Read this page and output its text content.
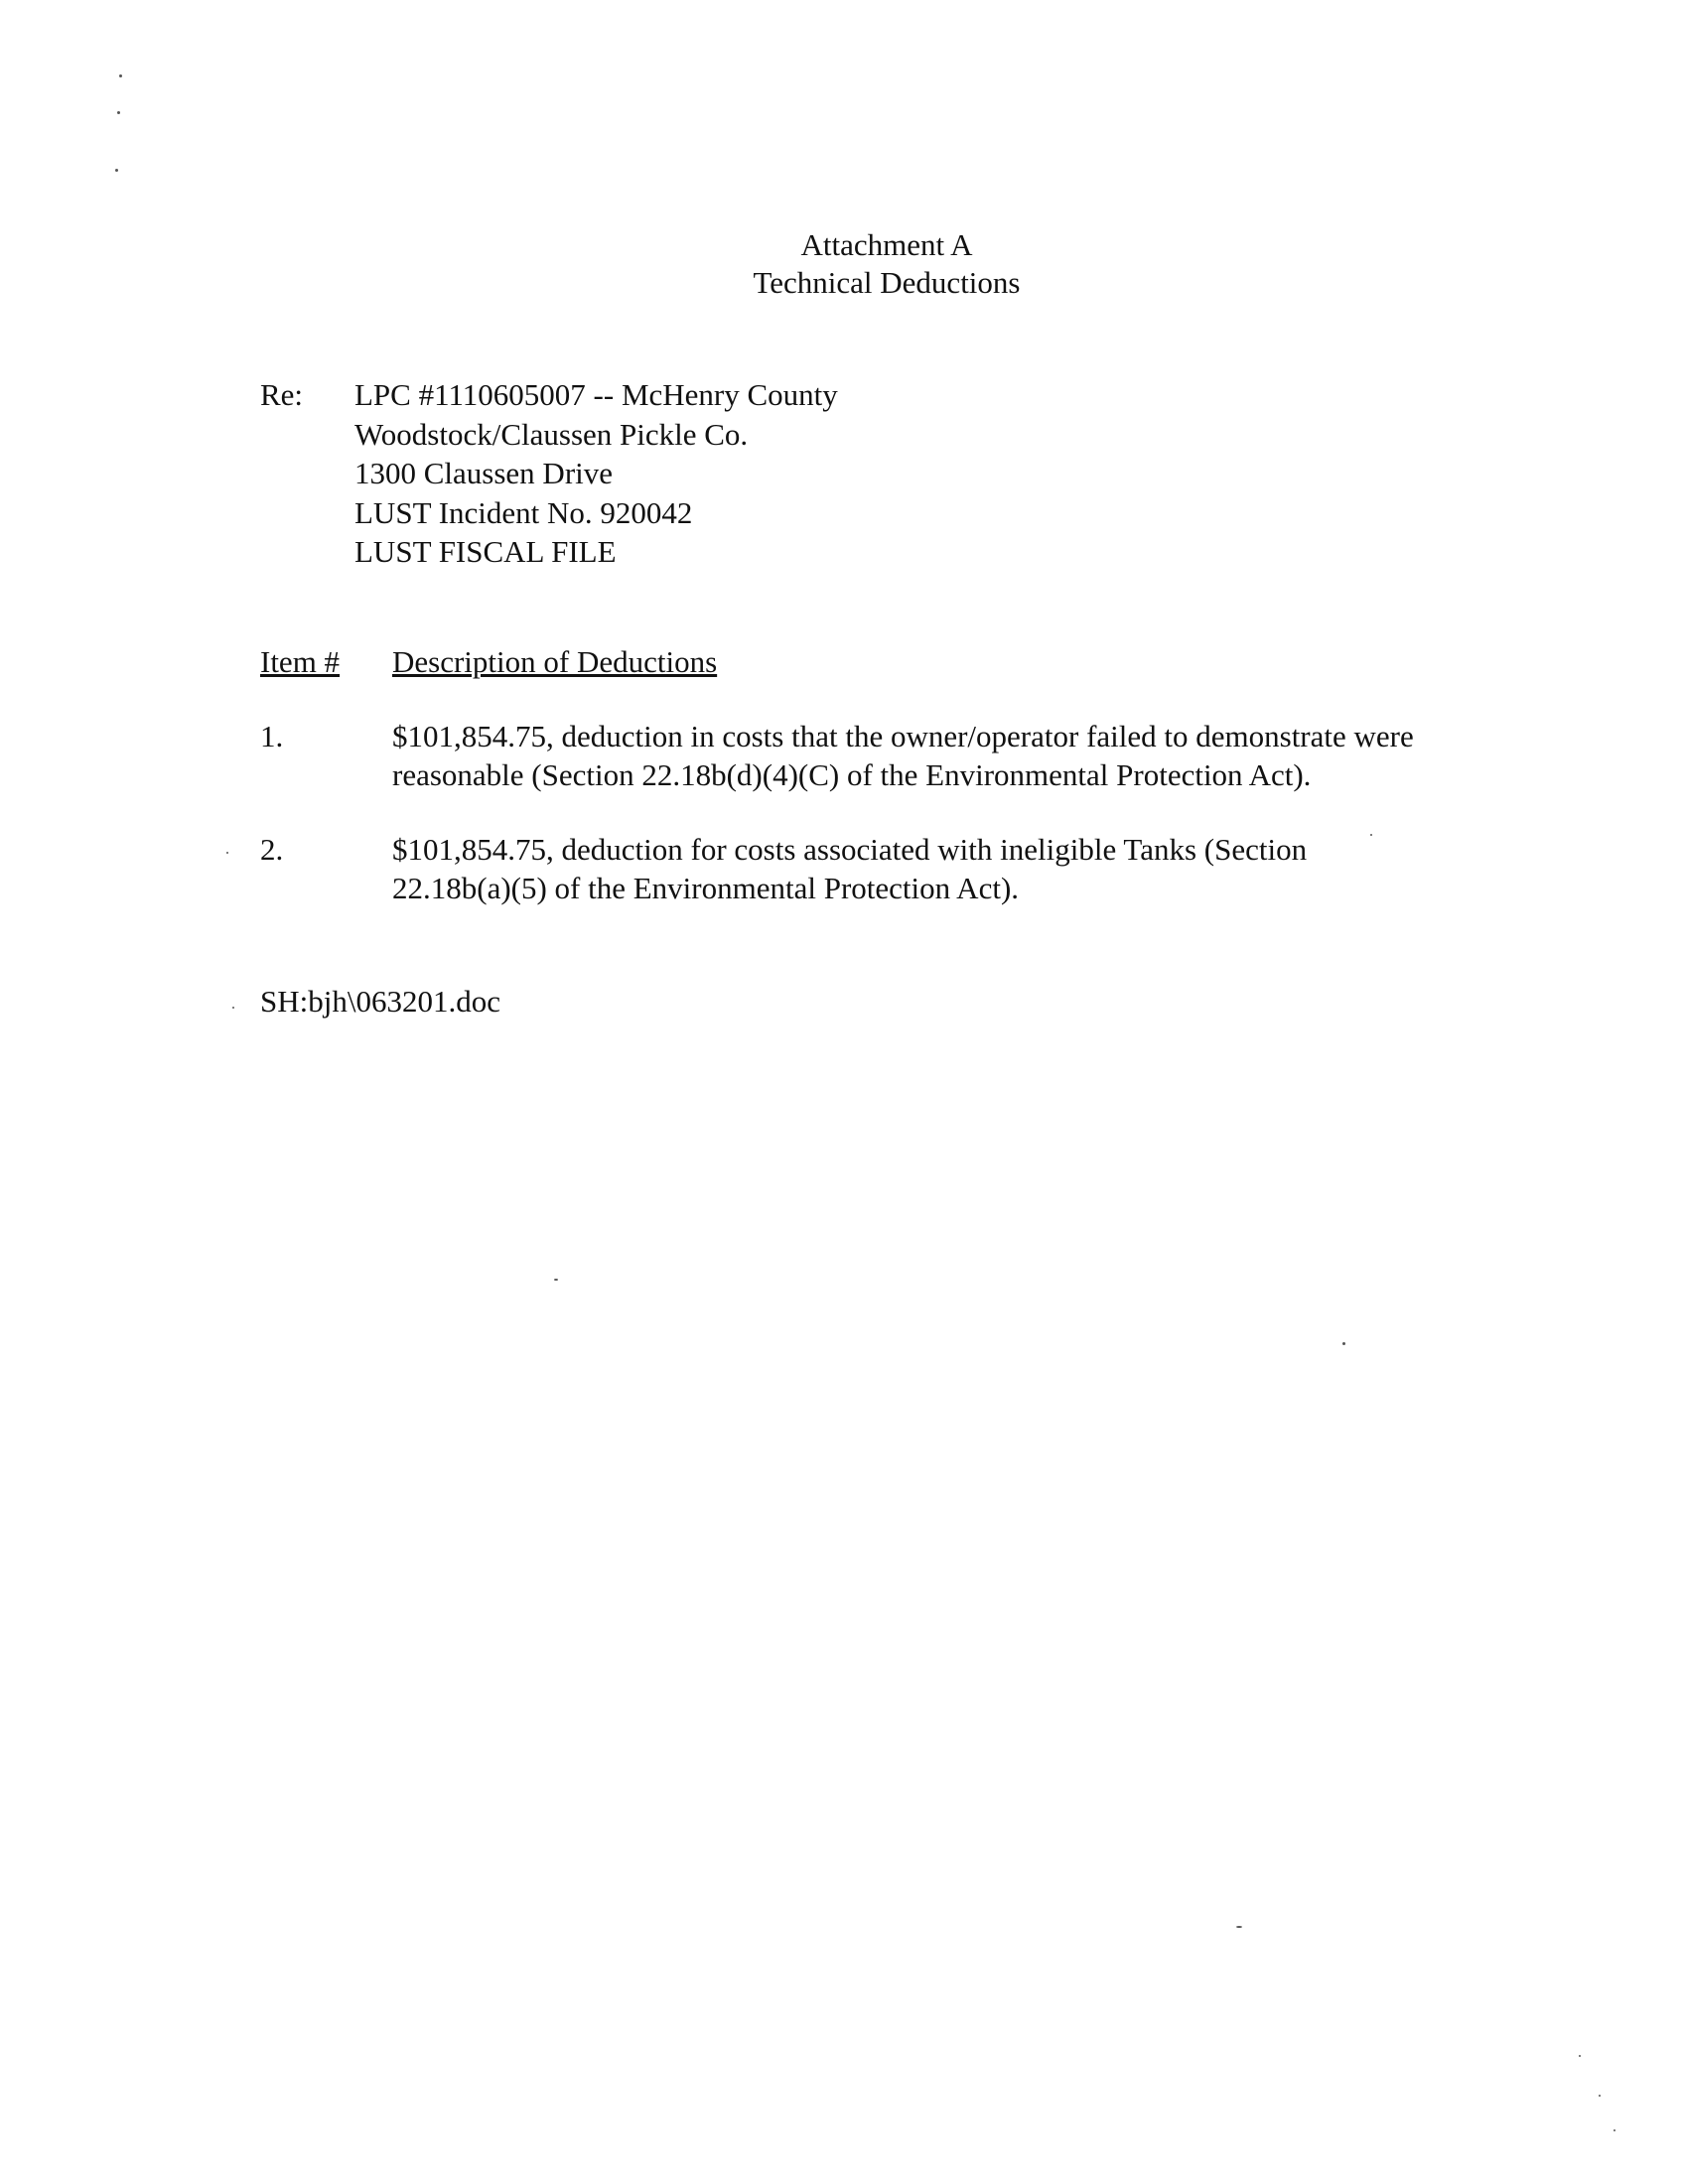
Attachment A
Technical Deductions
Re: LPC #1110605007 -- McHenry County
Woodstock/Claussen Pickle Co.
1300 Claussen Drive
LUST Incident No. 920042
LUST FISCAL FILE
Item # Description of Deductions
1.	$101,854.75, deduction in costs that the owner/operator failed to demonstrate were
reasonable (Section 22.18b(d)(4)(C) of the Environmental Protection Act).
2.	$101,854.75, deduction for costs associated with ineligible Tanks (Section
22.18b(a)(5) of the Environmental Protection Act).
SH:bjh\063201.doc
